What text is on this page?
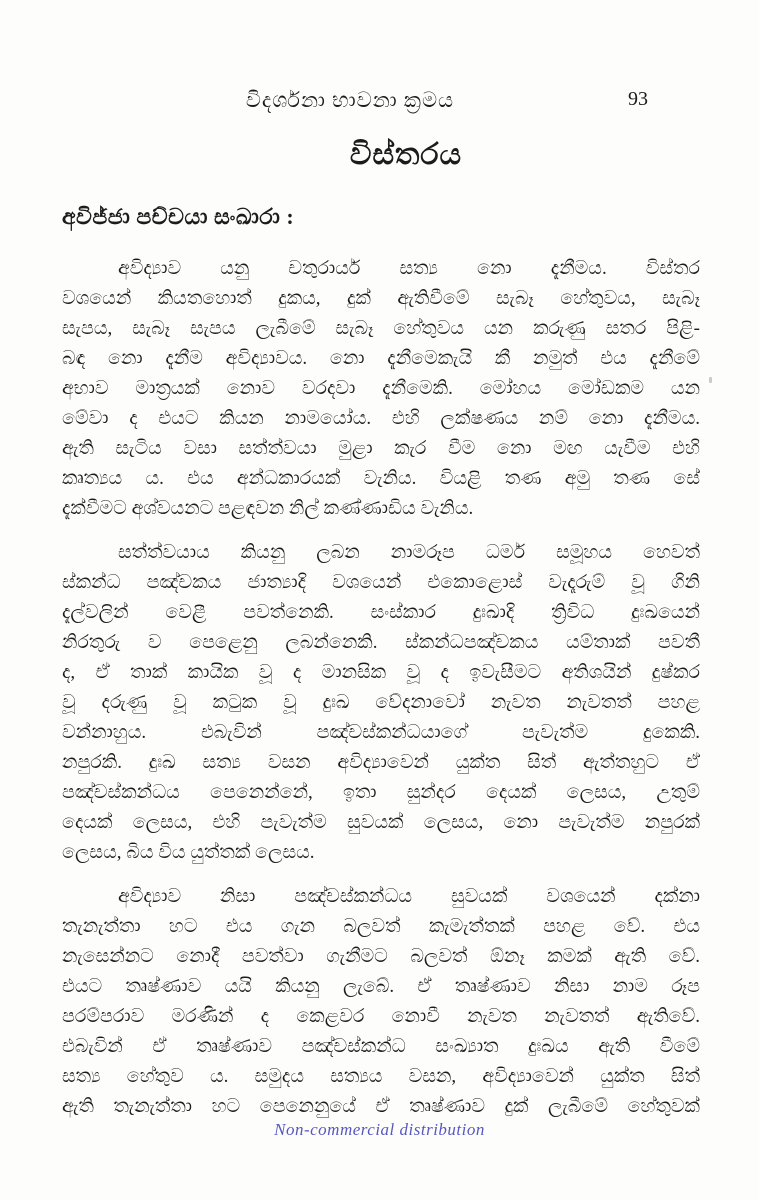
විදර්ශනා භාවනා ක්‍රමය	93
විස්තරය
අවිජ්ජා පච්චයා සංඛාරා :
අවිද්‍යාව යනු චතුරාර්ය සත්‍ය නො දැනීමය. විස්තර
වශයෙන් කියතහොත් දුකය, දුක් ඇතිවීමේ සැබෑ හේතුවය, සැබෑ
සැපය, සැබෑ සැපය ලැබීමේ සැබෑ හේතුවය යන කරුණු සතර පිළි-
බඳ නො දැනීම අවිද්‍යාවය. නො දැනීමෙකැයි කී නමුත් එය දැනීමේ
අභාව මාත්‍රයක් නොව වරදවා දැනීමෙකි. මෝහය මෝඩකම යන
මේවා ද එයට කියන නාමයෝය. එහි ලක්ෂණය නම් නො දැනීමය.
ඇති සැටිය වසා සත්ත්වයා මුළා කැර වීම නො මඟ යැවීම එහි
කෘත්‍යය ය. එය අන්ධකාරයක් වැනිය. වියළි තණ අමු තණ සේ
දැක්වීමට අශ්වයනට පළඳවන නිල් කණ්ණාඩිය වැනිය.
සත්ත්වයාය කියනු ලබන නාමරූප ධර්ම සමූහය හෙවත්
ස්කන්ධ පඤ්චකය ජාත්‍යාදි වශයෙන් එකොළොස් වැදෑරුම් වූ ගිනි
දැල්වලින් වෙළී පවත්නෙකි. සංස්කාර දුඃඛාදි ත්‍රිවිධ දුඃඛයෙන්
නිරතුරු ව පෙළෙනු ලබන්නෙකි. ස්කන්ධපඤ්චකය යම්තාක් පවතී
ද, ඒ තාක් කායික වූ ද මානසික වූ ද ඉවැසීමට අතිශයින් දුෂ්කර
වූ දරුණු වූ කටුක වූ දුඃඛ වේදනාවෝ නැවත නැවතත් පහළ
වන්නාහුය. එබැවින් පඤ්චස්කන්ධයාගේ පැවැත්ම දුකෙකි.
නපුරකි. දුඃඛ සත්‍ය වසන අවිද්‍යාවෙන් යුක්ත සිත් ඇත්තහුට ඒ
පඤ්චස්කන්ධය පෙනෙන්නේ, ඉතා සුන්දර දෙයක් ලෙසය, උතුම්
දෙයක් ලෙසය, එහි පැවැත්ම සුවයක් ලෙසය, නො පැවැත්ම නපුරක්
ලෙසය, බිය විය යුත්තක් ලෙසය.
අවිද්‍යාව නිසා පඤ්චස්කන්ධය සුවයක් වශයෙන් දක්නා
තැනැත්තා හට එය ගැන බලවත් කැමැත්තක් පහළ වේ. එය
නැසෙන්නට නොදී පවත්වා ගැනීමට බලවත් ඕනෑ කමක් ඇති වේ.
එයට තෘෂ්ණාව යයි කියනු ලැබේ. ඒ තෘෂ්ණාව නිසා නාම රූප
පරම්පරාව මරණින් ද කෙළවර නොවී නැවත නැවතත් ඇතිවේ.
එබැවින් ඒ තෘෂ්ණාව පඤ්චස්කන්ධ සංඛ්‍යාත දුඃඛය ඇති වීමේ
සත්‍ය හේතුව ය. සමුදය සත්‍යය වසන, අවිද්‍යාවෙන් යුක්ත සිත්
ඇති තැනැත්තා හට පෙනෙනුයේ ඒ තෘෂ්ණාව දුක් ලැබීමේ හේතුවක්
Non-commercial distribution
